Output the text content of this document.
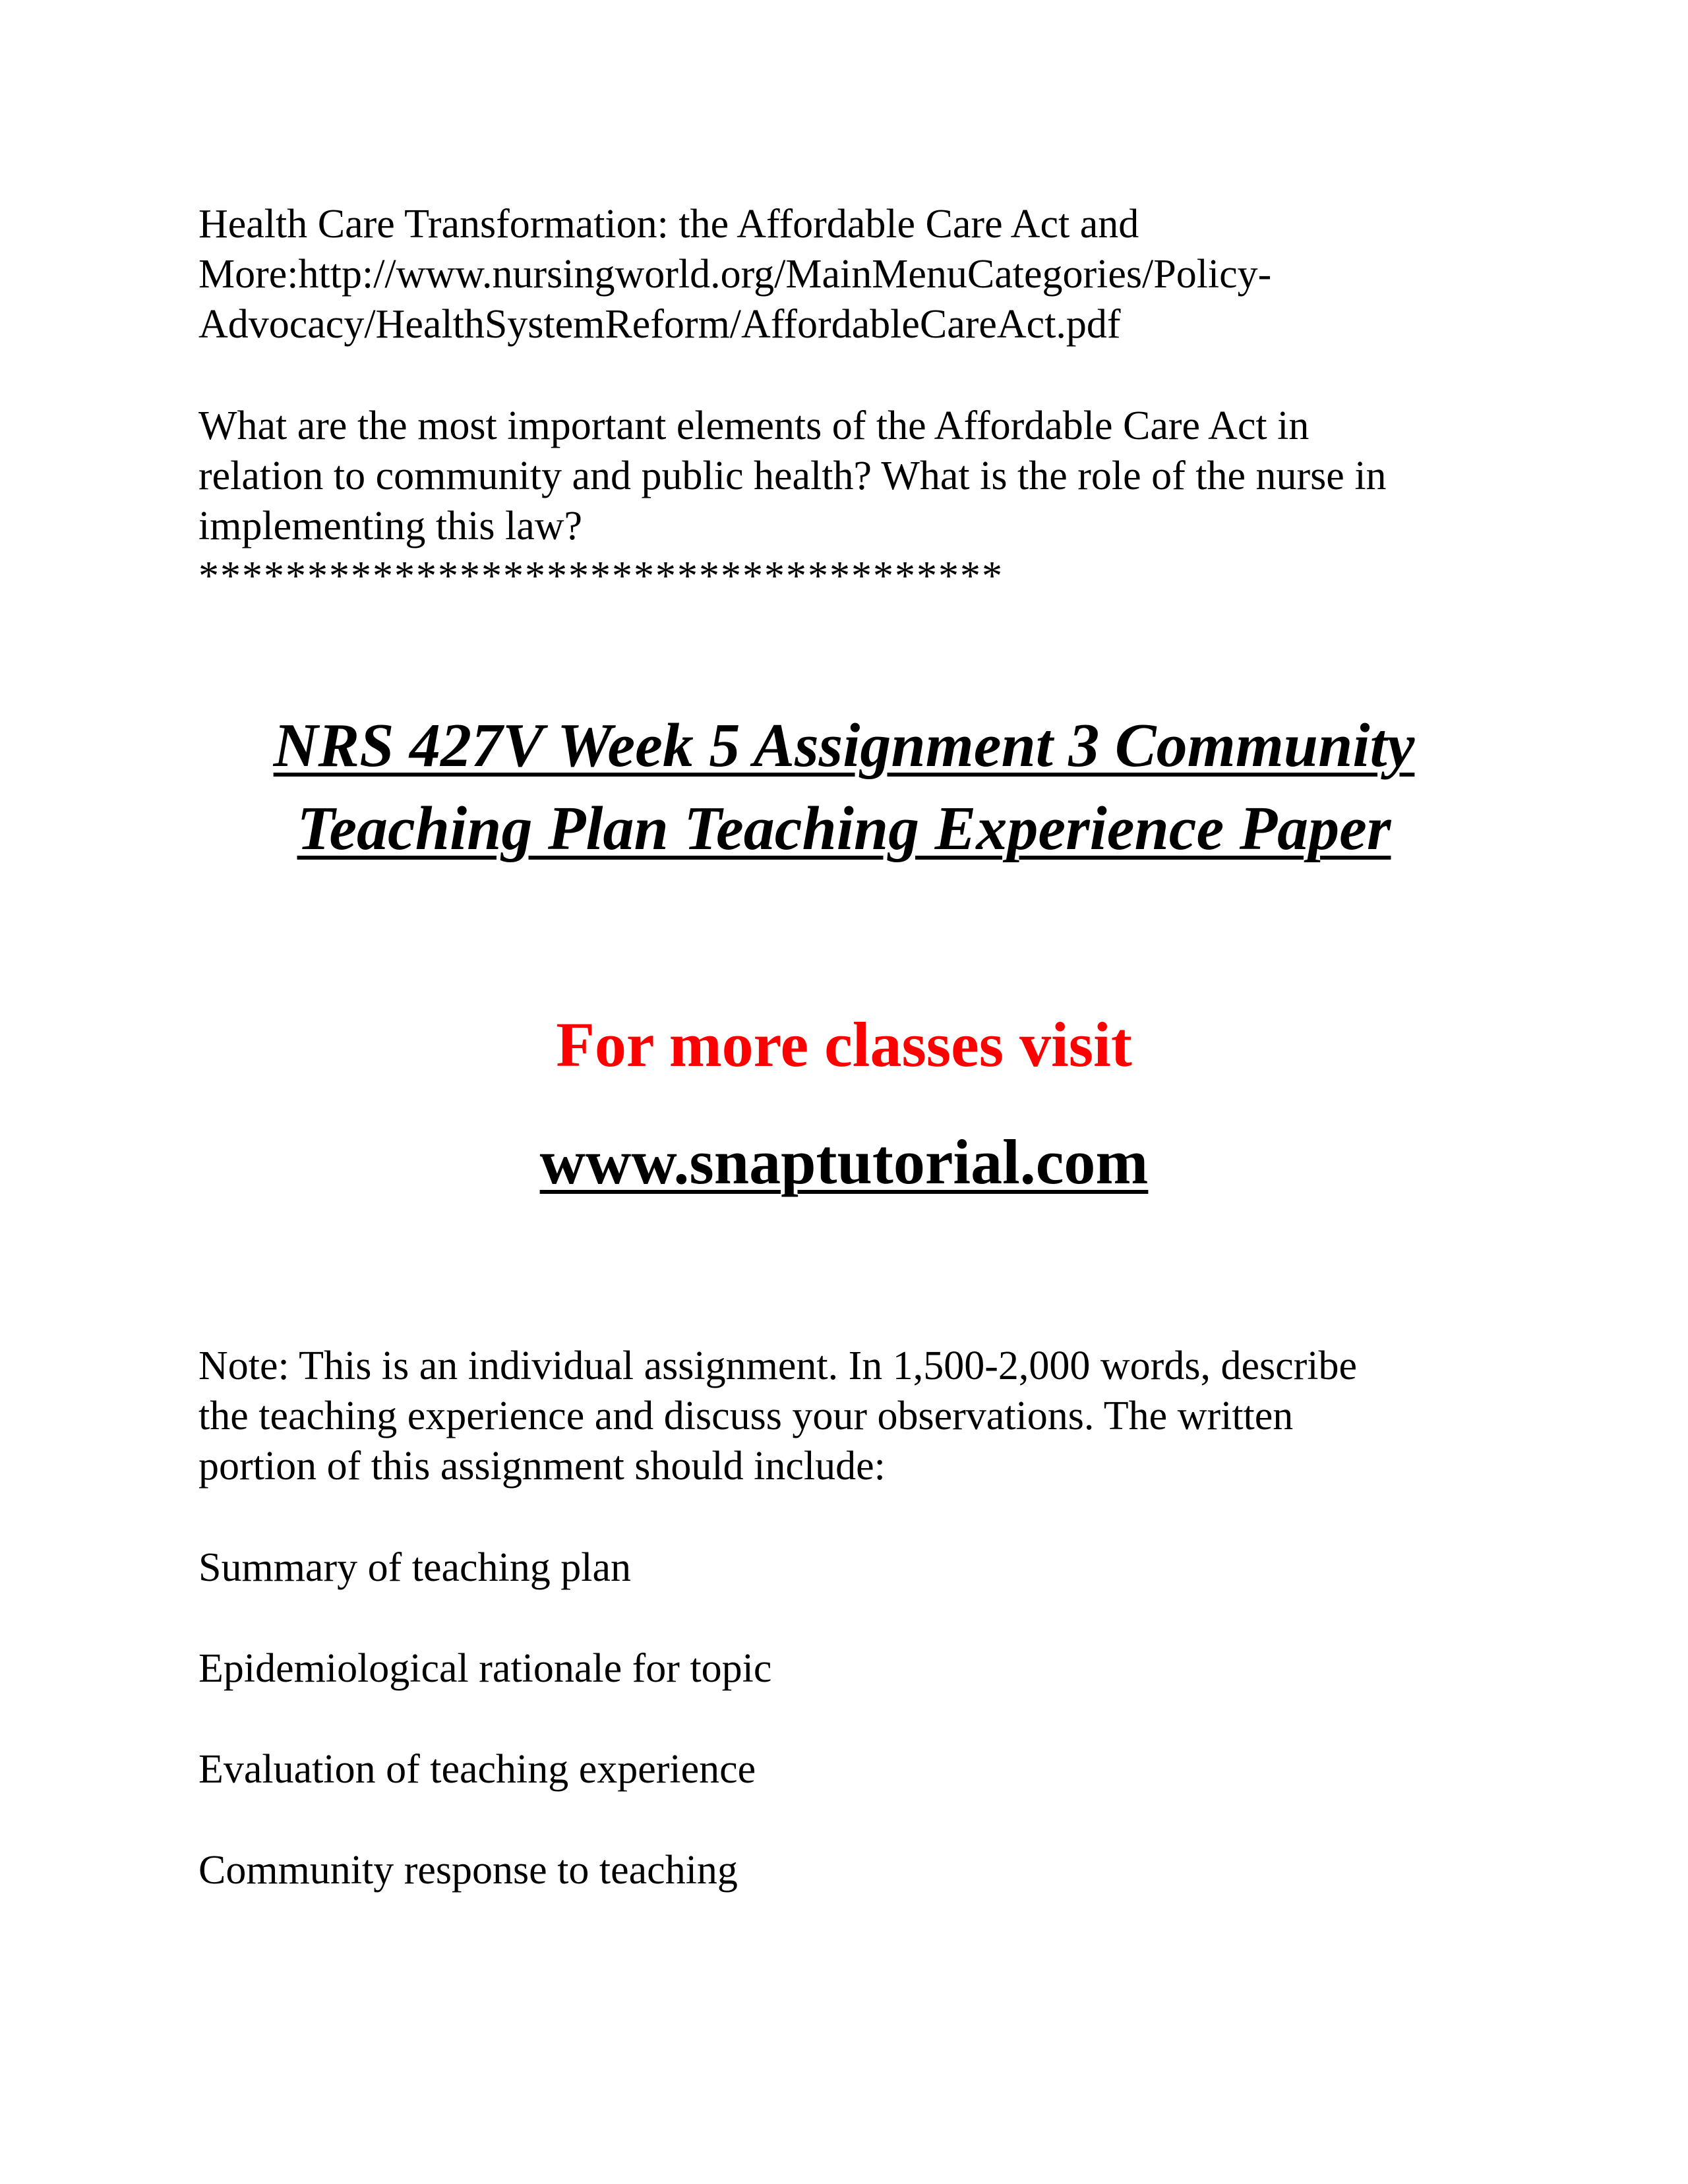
Health Care Transformation: the Affordable Care Act and

More:http://www.nursingworld.org/MainMenuCategories/Policy-

Advocacy/HealthSystemReform/AffordableCareAct.pdf

What are the most important elements of the Affordable Care Act in

relation to community and public health? What is the role of the nurse in

implementing this law?

*************************************

NRS 427V Week 5 Assignment 3 Community

Teaching Plan Teaching Experience Paper

For more classes visit

www.snaptutorial.com

Note: This is an individual assignment. In 1,500-2,000 words, describe

the teaching experience and discuss your observations. The written

portion of this assignment should include:

Summary of teaching plan

Epidemiological rationale for topic

Evaluation of teaching experience

Community response to teaching
